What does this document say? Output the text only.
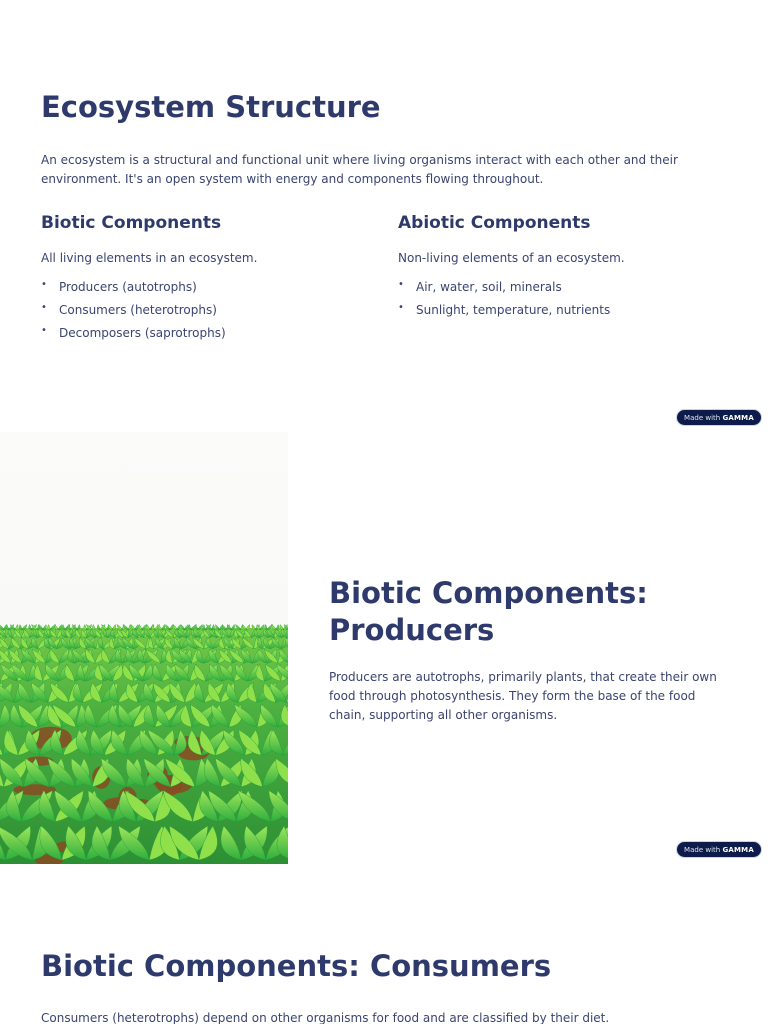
Ecosystem Structure

An ecosystem is a structural and functional unit where living organisms interact with each other and their environment. It's an open system with energy and components flowing throughout.

Biotic Components

All living elements in an ecosystem.

• Producers (autotrophs)
• Consumers (heterotrophs)
• Decomposers (saprotrophs)
Abiotic Components

Non-living elements of an ecosystem.

• Air, water, soil, minerals
• Sunlight, temperature, nutrients
Made with GAMMA
Biotic Components:
Producers

Producers are autotrophs, primarily plants, that create their own food through photosynthesis. They form the base of the food chain, supporting all other organisms.

Made with GAMMA
Biotic Components: Consumers

Consumers (heterotrophs) depend on other organisms for food and are classified by their diet.
